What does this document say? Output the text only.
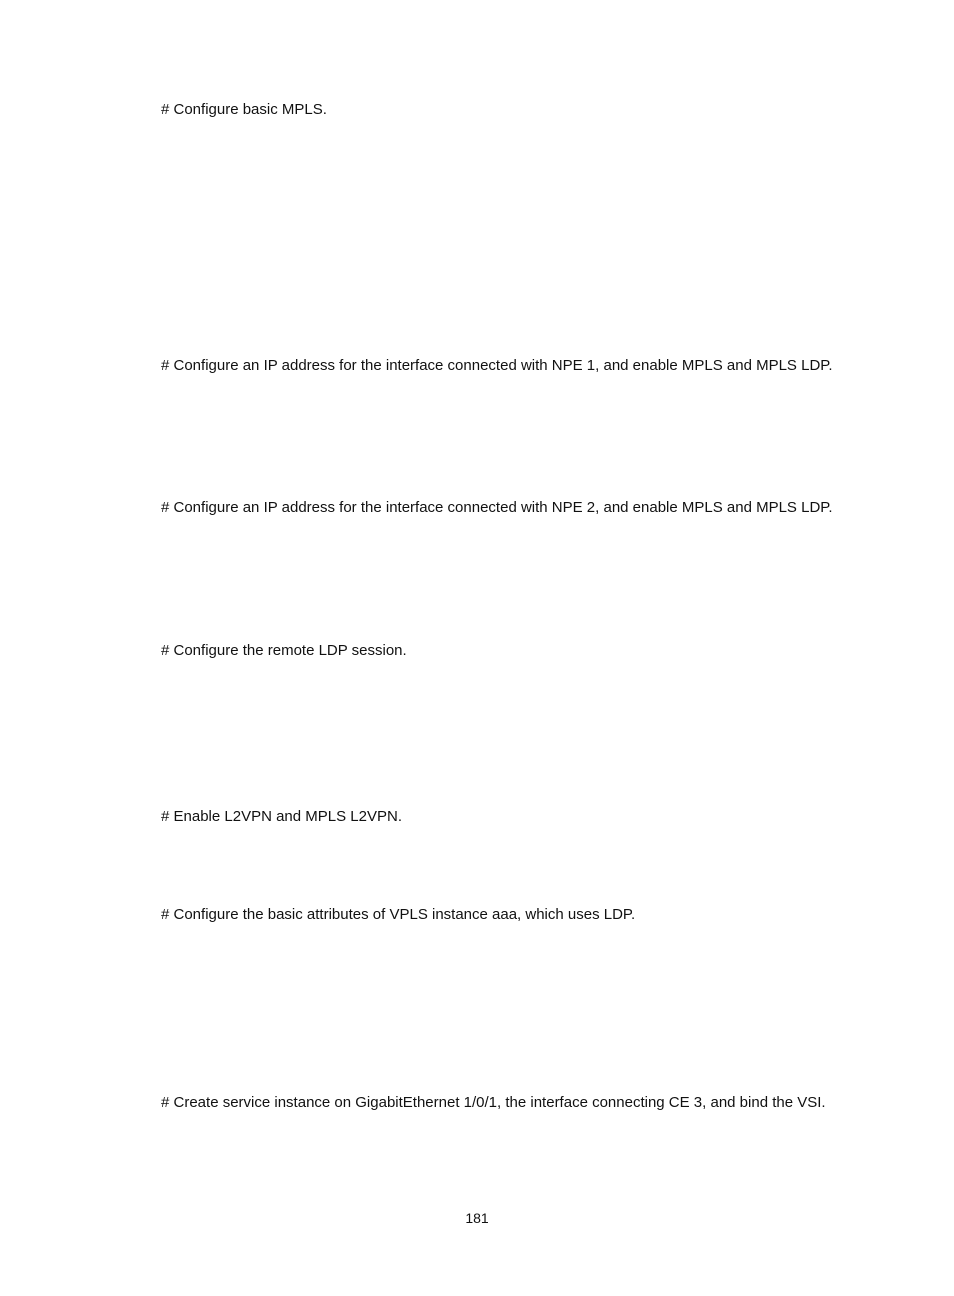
# Configure basic MPLS.

# Configure an IP address for the interface connected with NPE 1, and enable MPLS and MPLS LDP.

# Configure an IP address for the interface connected with NPE 2, and enable MPLS and MPLS LDP.

# Configure the remote LDP session.

# Enable L2VPN and MPLS L2VPN.

# Configure the basic attributes of VPLS instance aaa, which uses LDP.

# Create service instance on GigabitEthernet 1/0/1, the interface connecting CE 3, and bind the VSI.

181
